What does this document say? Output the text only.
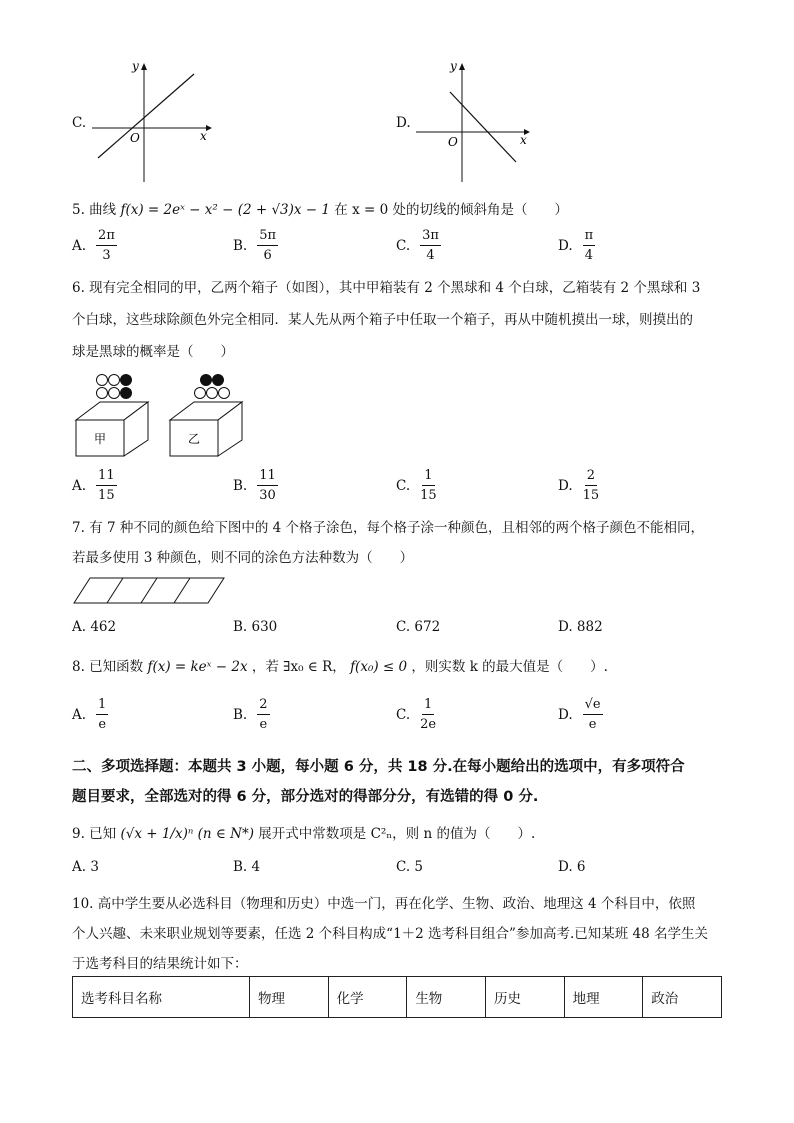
C.
x
y
O
D.
x
y
O
5. 曲线 f(x) = 2eˣ − x² − (2 + √3)x − 1 在 x = 0 处的切线的倾斜角是（　　）
A. $\frac{2\pi}{3}$	B. $\frac{5\pi}{6}$	C. $\frac{3\pi}{4}$	D. $\frac{\pi}{4}$
6. 现有完全相同的甲，乙两个箱子（如图），其中甲箱装有 2 个黑球和 4 个白球，乙箱装有 2 个黑球和 3
个白球，这些球除颜色外完全相同．某人先从两个箱子中任取一个箱子，再从中随机摸出一球，则摸出的
球是黑球的概率是（　　）
甲	乙
A. $\frac{11}{15}$	B. $\frac{11}{30}$	C. $\frac{1}{15}$	D. $\frac{2}{15}$
7. 有 7 种不同的颜色给下图中的 4 个格子涂色，每个格子涂一种颜色，且相邻的两个格子颜色不能相同，
若最多使用 3 种颜色，则不同的涂色方法种数为（　　）
A. 462	B. 630	C. 672	D. 882
8. 已知函数 f(x) = keˣ − 2x ，若 ∃x₀ ∈ R， f(x₀) ≤ 0 ，则实数 k 的最大值是（　　）.
A. $\frac{1}{e}$	B. $\frac{2}{e}$	C. $\frac{1}{2e}$	D. $\frac{√e}{e}$
二、多项选择题：本题共 3 小题，每小题 6 分，共 18 分.在每小题给出的选项中，有多项符合
题目要求，全部选对的得 6 分，部分选对的得部分分，有选错的得 0 分.
9. 已知 (√x + 1/x)ⁿ (n ∈ N*) 展开式中常数项是 C²ₙ，则 n 的值为（　　）.
A. 3	B. 4	C. 5	D. 6
10. 高中学生要从必选科目（物理和历史）中选一门，再在化学、生物、政治、地理这 4 个科目中，依照
个人兴趣、未来职业规划等要素，任选 2 个科目构成“1＋2 选考科目组合”参加高考.已知某班 48 名学生关
于选考科目的结果统计如下：
选考科目名称	物理	化学	生物	历史	地理	政治
